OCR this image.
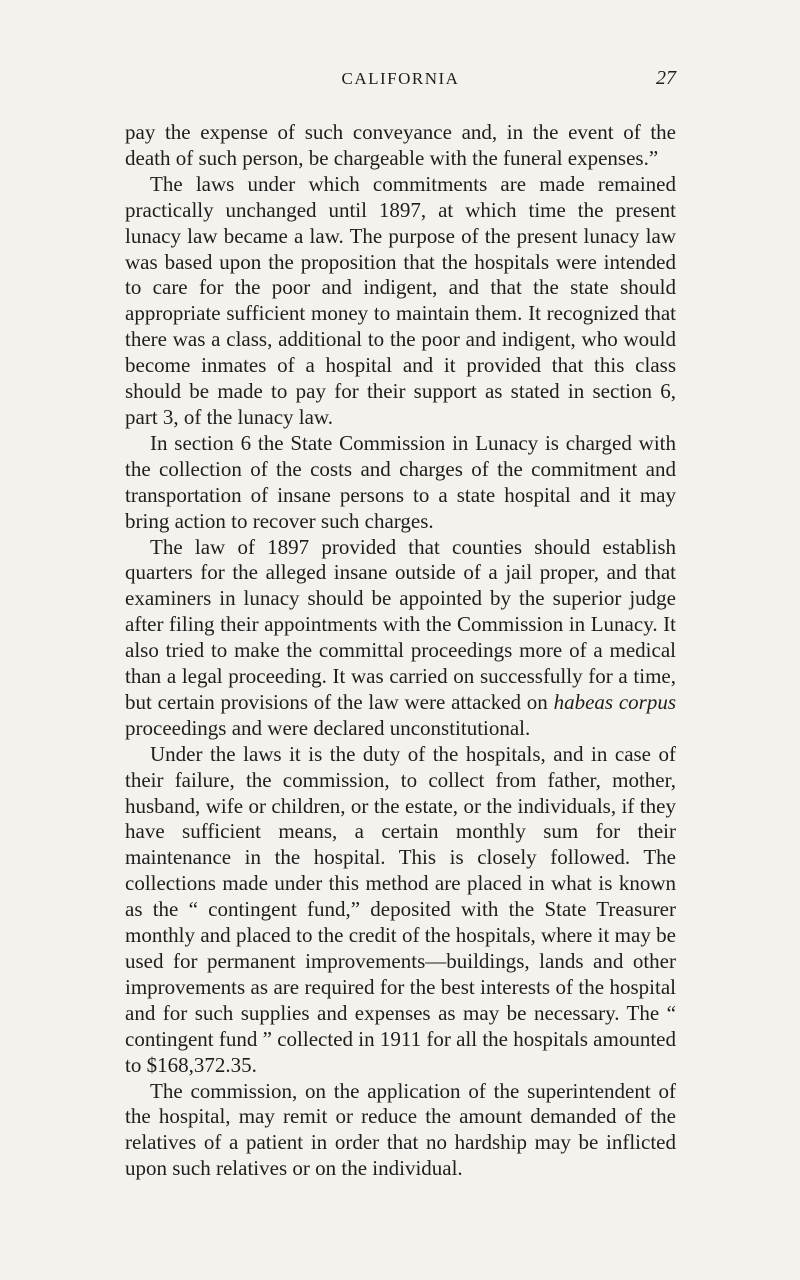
CALIFORNIA	27

pay the expense of such conveyance and, in the event of the death of such person, be chargeable with the funeral expenses.”

The laws under which commitments are made remained practically unchanged until 1897, at which time the present lunacy law became a law. The purpose of the present lunacy law was based upon the proposition that the hospitals were intended to care for the poor and indigent, and that the state should appropriate sufficient money to maintain them. It recognized that there was a class, additional to the poor and indigent, who would become inmates of a hospital and it provided that this class should be made to pay for their support as stated in section 6, part 3, of the lunacy law.

In section 6 the State Commission in Lunacy is charged with the collection of the costs and charges of the commitment and transportation of insane persons to a state hospital and it may bring action to recover such charges.

The law of 1897 provided that counties should establish quarters for the alleged insane outside of a jail proper, and that examiners in lunacy should be appointed by the superior judge after filing their appointments with the Commission in Lunacy. It also tried to make the committal proceedings more of a medical than a legal proceeding. It was carried on successfully for a time, but certain provisions of the law were attacked on habeas corpus proceedings and were declared unconstitutional.

Under the laws it is the duty of the hospitals, and in case of their failure, the commission, to collect from father, mother, husband, wife or children, or the estate, or the individuals, if they have sufficient means, a certain monthly sum for their maintenance in the hospital. This is closely followed. The collections made under this method are placed in what is known as the “ contingent fund,” deposited with the State Treasurer monthly and placed to the credit of the hospitals, where it may be used for permanent improvements—buildings, lands and other improvements as are required for the best interests of the hospital and for such supplies and expenses as may be necessary. The “ contingent fund ” collected in 1911 for all the hospitals amounted to $168,372.35.

The commission, on the application of the superintendent of the hospital, may remit or reduce the amount demanded of the relatives of a patient in order that no hardship may be inflicted upon such relatives or on the individual.
